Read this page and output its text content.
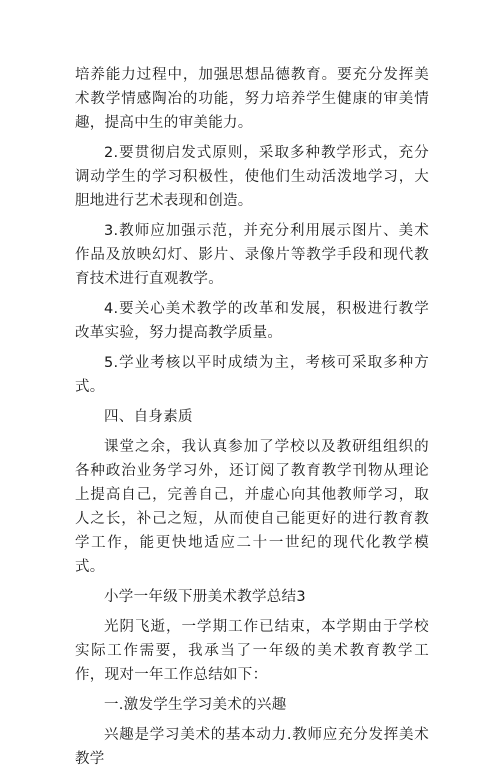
培养能力过程中，加强思想品德教育。要充分发挥美术教学情感陶冶的功能，努力培养学生健康的审美情趣，提高中生的审美能力。

2.要贯彻启发式原则，采取多种教学形式，充分调动学生的学习积极性，使他们生动活泼地学习，大胆地进行艺术表现和创造。

3.教师应加强示范，并充分利用展示图片、美术作品及放映幻灯、影片、录像片等教学手段和现代教育技术进行直观教学。

4.要关心美术教学的改革和发展，积极进行教学改革实验，努力提高教学质量。

5.学业考核以平时成绩为主，考核可采取多种方式。

四、自身素质

课堂之余，我认真参加了学校以及教研组组织的各种政治业务学习外，还订阅了教育教学刊物从理论上提高自己，完善自己，并虚心向其他教师学习，取人之长，补己之短，从而使自己能更好的进行教育教学工作，能更快地适应二十一世纪的现代化教学模式。

小学一年级下册美术教学总结3

光阴飞逝，一学期工作已结束，本学期由于学校实际工作需要，我承当了一年级的美术教育教学工作，现对一年工作总结如下：

一.激发学生学习美术的兴趣

兴趣是学习美术的基本动力.教师应充分发挥美术教学
